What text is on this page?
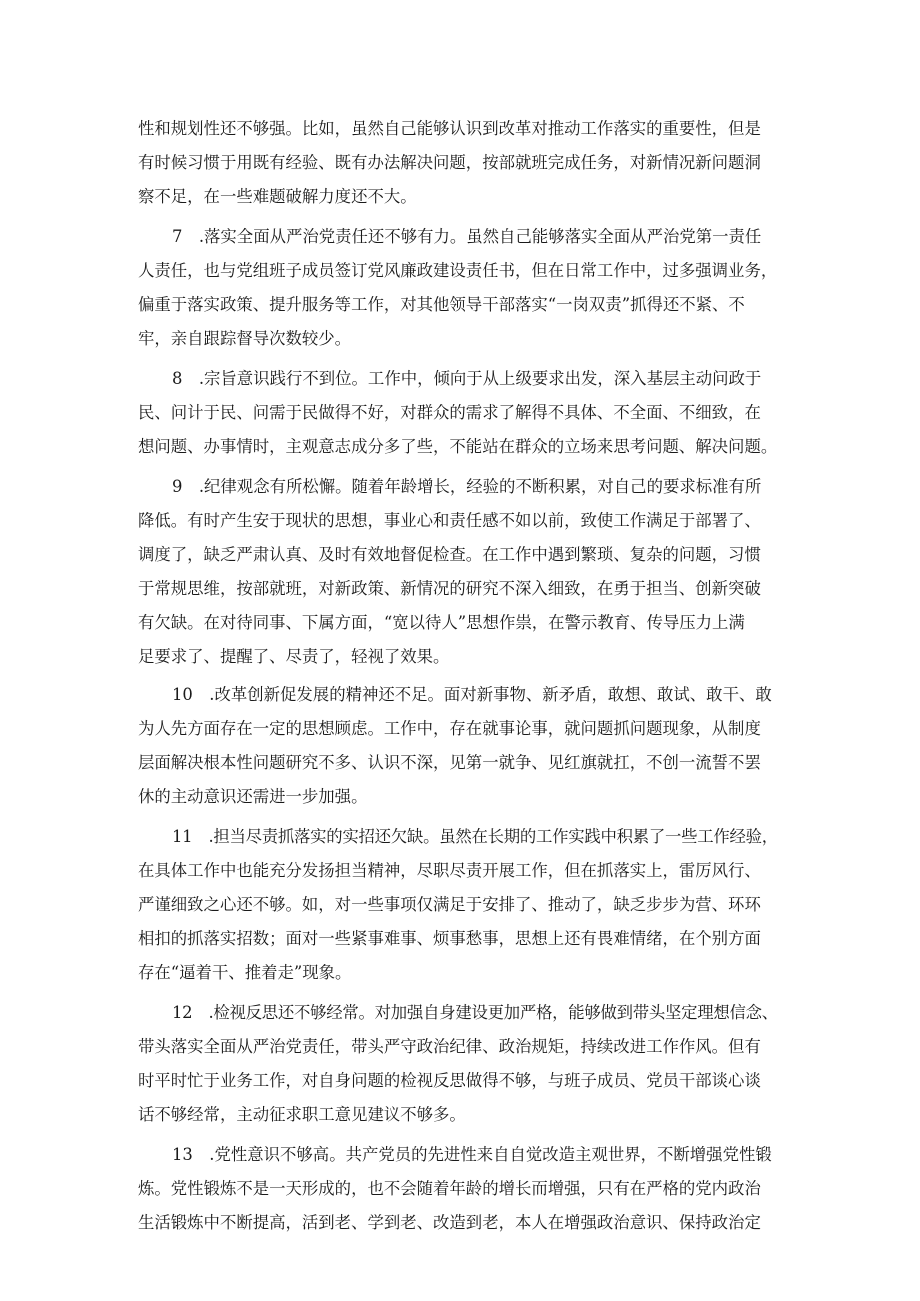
性和规划性还不够强。比如，虽然自己能够认识到改革对推动工作落实的重要性，但是
有时候习惯于用既有经验、既有办法解决问题，按部就班完成任务，对新情况新问题洞
察不足，在一些难题破解力度还不大。
7　.落实全面从严治党责任还不够有力。虽然自己能够落实全面从严治党第一责任
人责任，也与党组班子成员签订党风廉政建设责任书，但在日常工作中，过多强调业务，
偏重于落实政策、提升服务等工作，对其他领导干部落实“一岗双责”抓得还不紧、不
牢，亲自跟踪督导次数较少。
8　.宗旨意识践行不到位。工作中，倾向于从上级要求出发，深入基层主动问政于
民、问计于民、问需于民做得不好，对群众的需求了解得不具体、不全面、不细致，在
想问题、办事情时，主观意志成分多了些，不能站在群众的立场来思考问题、解决问题。
9　.纪律观念有所松懈。随着年龄增长，经验的不断积累，对自己的要求标准有所
降低。有时产生安于现状的思想，事业心和责任感不如以前，致使工作满足于部署了、
调度了，缺乏严肃认真、及时有效地督促检查。在工作中遇到繁琐、复杂的问题，习惯
于常规思维，按部就班，对新政策、新情况的研究不深入细致，在勇于担当、创新突破
有欠缺。在对待同事、下属方面，“宽以待人”思想作祟，在警示教育、传导压力上满
足要求了、提醒了、尽责了，轻视了效果。
10　.改革创新促发展的精神还不足。面对新事物、新矛盾，敢想、敢试、敢干、敢
为人先方面存在一定的思想顾虑。工作中，存在就事论事，就问题抓问题现象，从制度
层面解决根本性问题研究不多、认识不深，见第一就争、见红旗就扛，不创一流誓不罢
休的主动意识还需进一步加强。
11　.担当尽责抓落实的实招还欠缺。虽然在长期的工作实践中积累了一些工作经验，
在具体工作中也能充分发扬担当精神，尽职尽责开展工作，但在抓落实上，雷厉风行、
严谨细致之心还不够。如，对一些事项仅满足于安排了、推动了，缺乏步步为营、环环
相扣的抓落实招数；面对一些紧事难事、烦事愁事，思想上还有畏难情绪，在个别方面
存在“逼着干、推着走”现象。
12　.检视反思还不够经常。对加强自身建设更加严格，能够做到带头坚定理想信念、
带头落实全面从严治党责任，带头严守政治纪律、政治规矩，持续改进工作作风。但有
时平时忙于业务工作，对自身问题的检视反思做得不够，与班子成员、党员干部谈心谈
话不够经常，主动征求职工意见建议不够多。
13　.党性意识不够高。共产党员的先进性来自自觉改造主观世界，不断增强党性锻
炼。党性锻炼不是一天形成的，也不会随着年龄的增长而增强，只有在严格的党内政治
生活锻炼中不断提高，活到老、学到老、改造到老，本人在增强政治意识、保持政治定
